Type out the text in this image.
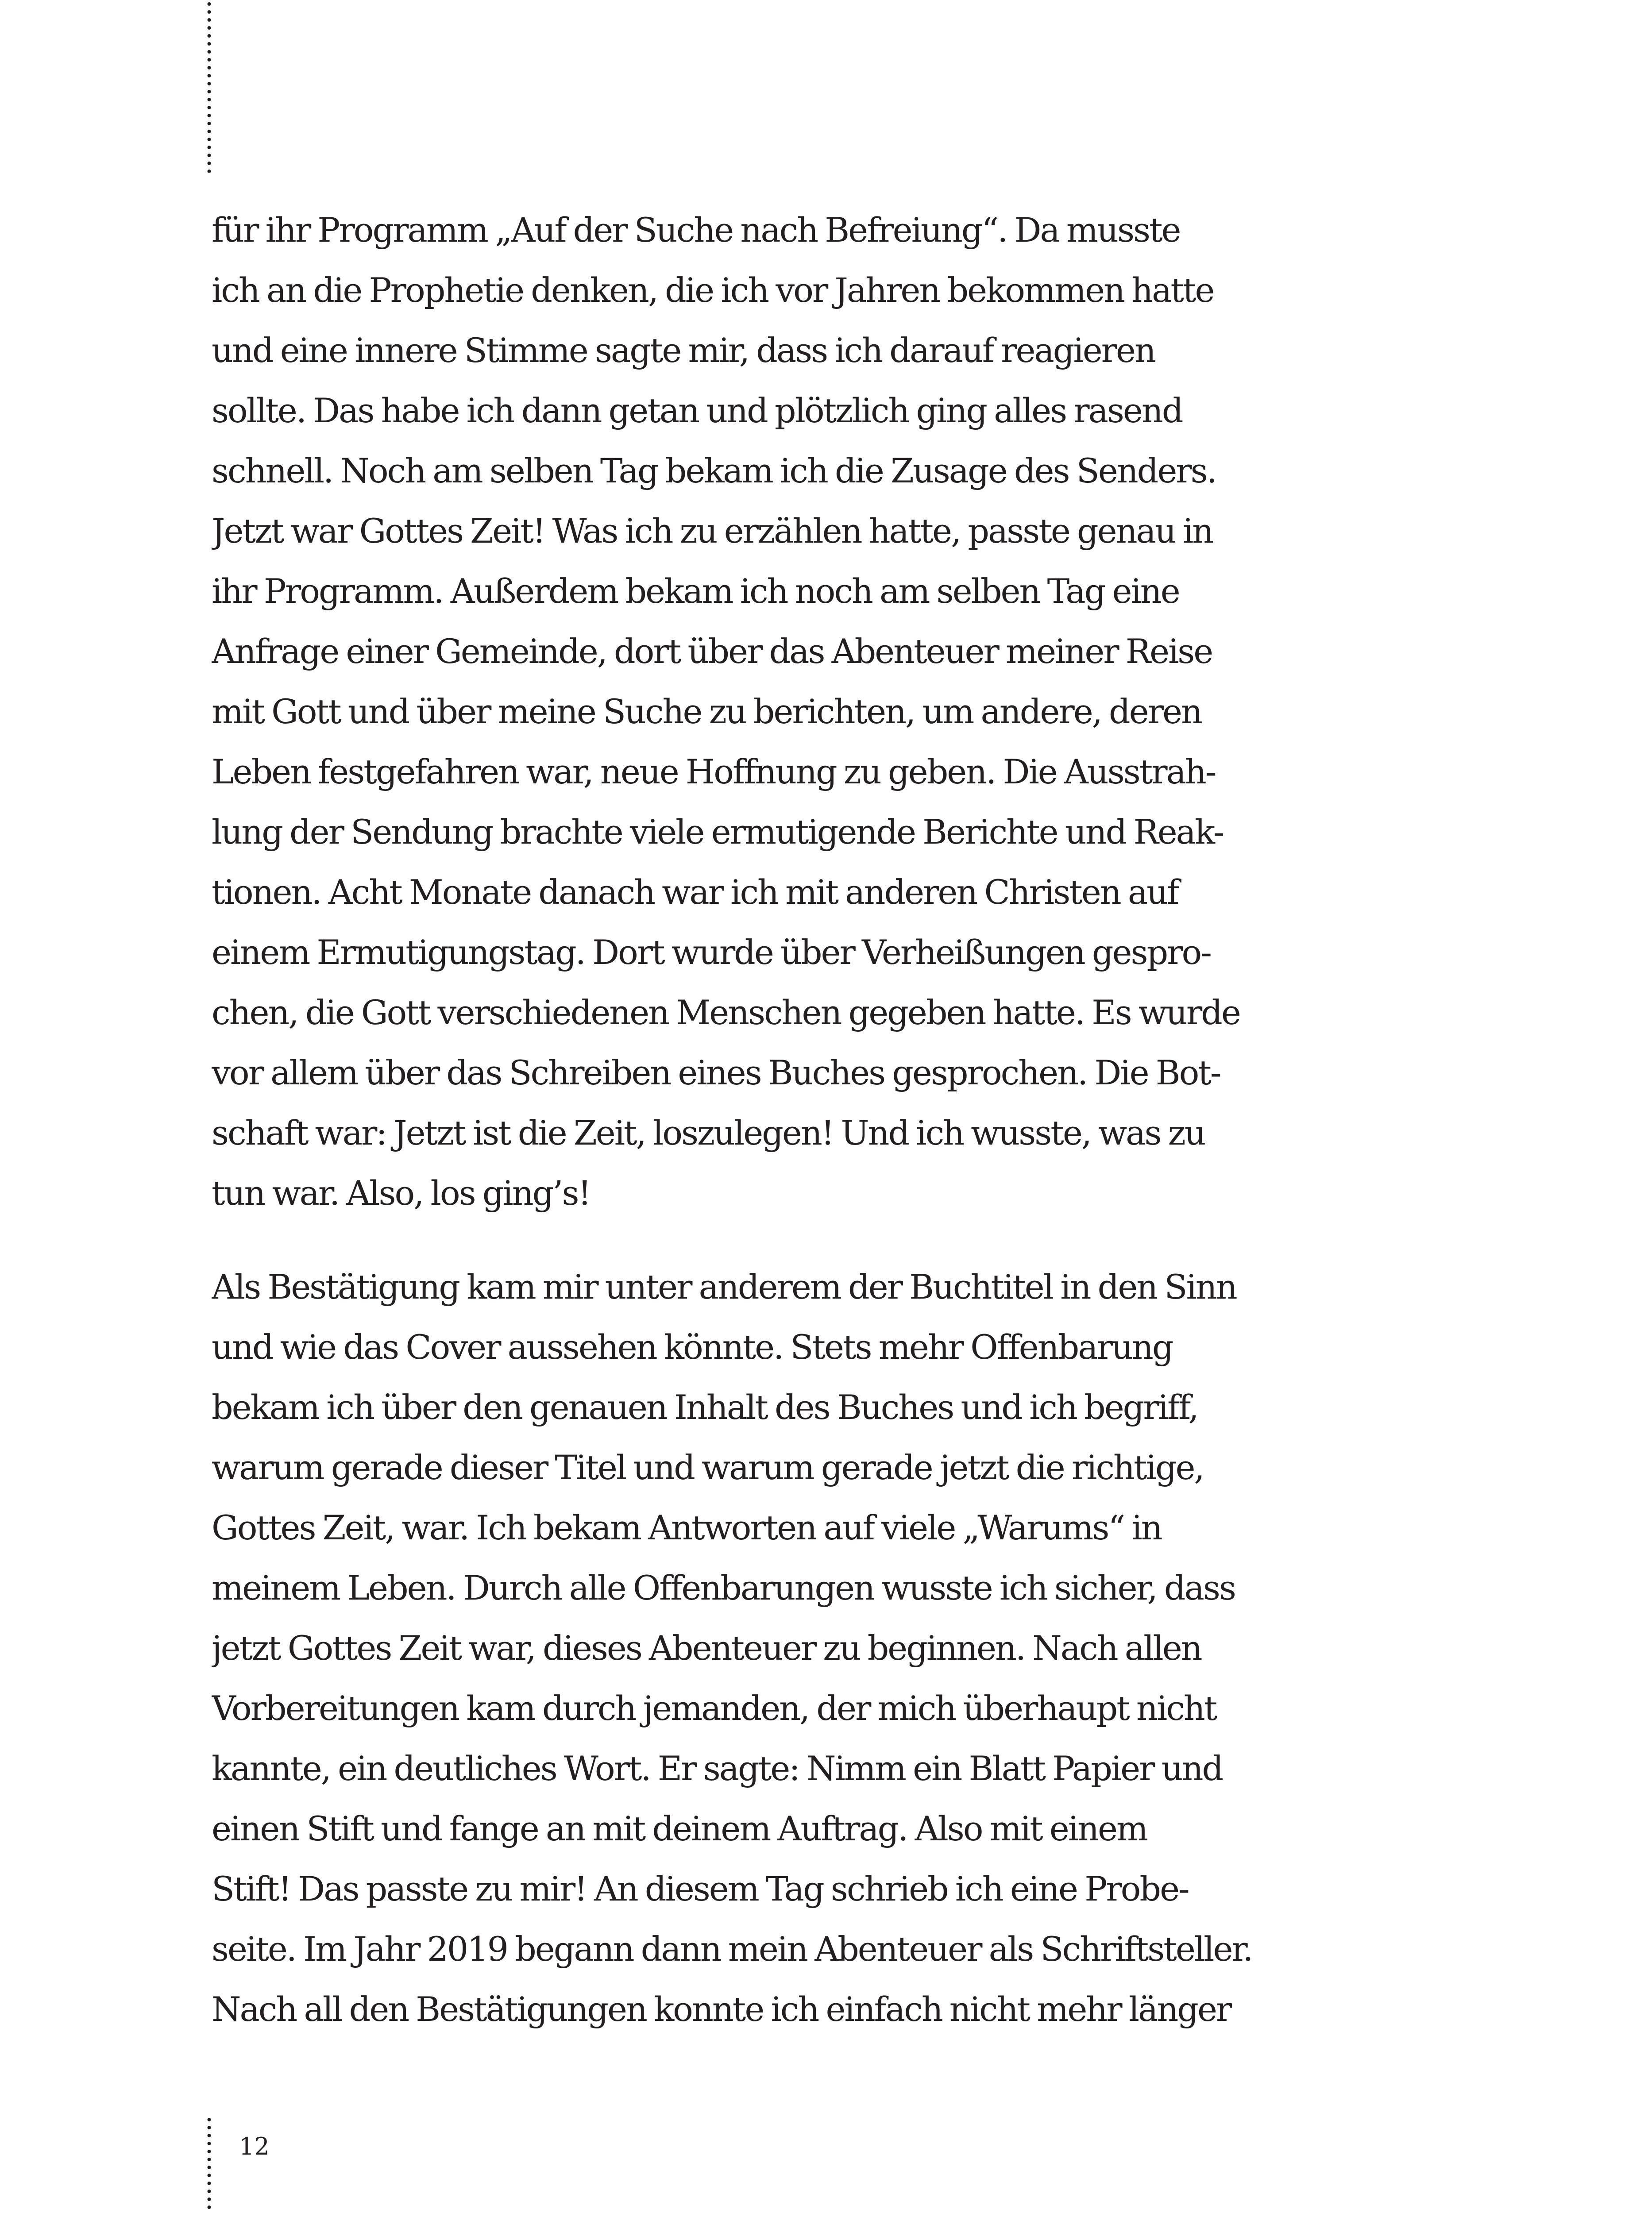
für ihr Programm „Auf der Suche nach Befreiung“. Da musste
ich an die Prophetie denken, die ich vor Jahren bekommen hatte
und eine innere Stimme sagte mir, dass ich darauf reagieren
sollte. Das habe ich dann getan und plötzlich ging alles rasend
schnell. Noch am selben Tag bekam ich die Zusage des Senders.
Jetzt war Gottes Zeit! Was ich zu erzählen hatte, passte genau in
ihr Programm. Außerdem bekam ich noch am selben Tag eine
Anfrage einer Gemeinde, dort über das Abenteuer meiner Reise
mit Gott und über meine Suche zu berichten, um andere, deren
Leben festgefahren war, neue Hoffnung zu geben. Die Ausstrah-
lung der Sendung brachte viele ermutigende Berichte und Reak-
tionen. Acht Monate danach war ich mit anderen Christen auf
einem Ermutigungstag. Dort wurde über Verheißungen gespro-
chen, die Gott verschiedenen Menschen gegeben hatte. Es wurde
vor allem über das Schreiben eines Buches gesprochen. Die Bot-
schaft war: Jetzt ist die Zeit, loszulegen! Und ich wusste, was zu
tun war. Also, los ging’s!
Als Bestätigung kam mir unter anderem der Buchtitel in den Sinn
und wie das Cover aussehen könnte. Stets mehr Offenbarung
bekam ich über den genauen Inhalt des Buches und ich begriff,
warum gerade dieser Titel und warum gerade jetzt die richtige,
Gottes Zeit, war. Ich bekam Antworten auf viele „Warums“ in
meinem Leben. Durch alle Offenbarungen wusste ich sicher, dass
jetzt Gottes Zeit war, dieses Abenteuer zu beginnen. Nach allen
Vorbereitungen kam durch jemanden, der mich überhaupt nicht
kannte, ein deutliches Wort. Er sagte: Nimm ein Blatt Papier und
einen Stift und fange an mit deinem Auftrag. Also mit einem
Stift! Das passte zu mir! An diesem Tag schrieb ich eine Probe-
seite. Im Jahr 2019 begann dann mein Abenteuer als Schriftsteller.
Nach all den Bestätigungen konnte ich einfach nicht mehr länger
12
